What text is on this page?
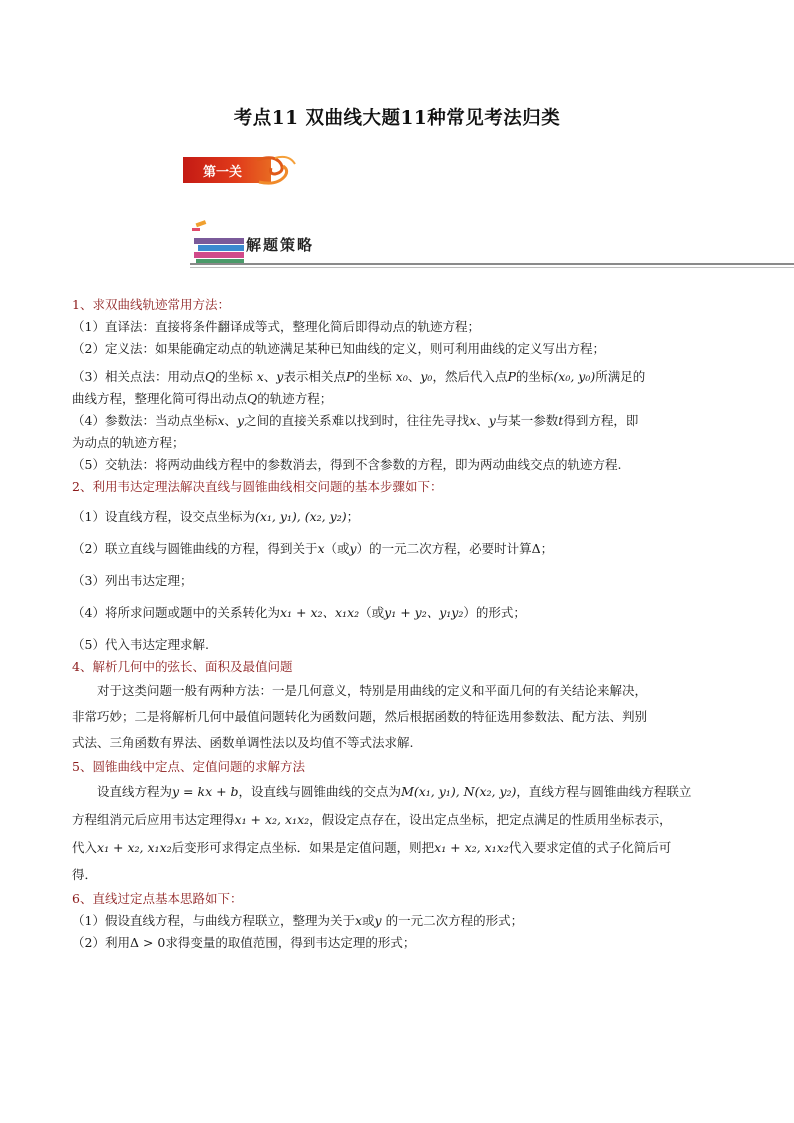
考点11 双曲线大题11种常见考法归类
第一关
解题策略

1、求双曲线轨迹常用方法：

（1）直译法：直接将条件翻译成等式，整理化简后即得动点的轨迹方程；

（2）定义法：如果能确定动点的轨迹满足某种已知曲线的定义，则可利用曲线的定义写出方程；

（3）相关点法：用动点Q的坐标 x、y表示相关点P的坐标 x₀、y₀，然后代入点P的坐标(x₀, y₀)所满足的

曲线方程，整理化简可得出动点Q的轨迹方程；

（4）参数法：当动点坐标x、y之间的直接关系难以找到时，往往先寻找x、y与某一参数t得到方程，即

为动点的轨迹方程；

（5）交轨法：将两动曲线方程中的参数消去，得到不含参数的方程，即为两动曲线交点的轨迹方程.

2、利用韦达定理法解决直线与圆锥曲线相交问题的基本步骤如下：

（1）设直线方程，设交点坐标为(x₁, y₁), (x₂, y₂)；

（2）联立直线与圆锥曲线的方程，得到关于x（或y）的一元二次方程，必要时计算Δ；

（3）列出韦达定理；

（4）将所求问题或题中的关系转化为x₁ + x₂、x₁x₂（或y₁ + y₂、y₁y₂）的形式；

（5）代入韦达定理求解.

4、解析几何中的弦长、面积及最值问题

对于这类问题一般有两种方法：一是几何意义，特别是用曲线的定义和平面几何的有关结论来解决，

非常巧妙；二是将解析几何中最值问题转化为函数问题，然后根据函数的特征选用参数法、配方法、判别

式法、三角函数有界法、函数单调性法以及均值不等式法求解.

5、圆锥曲线中定点、定值问题的求解方法

设直线方程为y = kx + b，设直线与圆锥曲线的交点为M(x₁, y₁), N(x₂, y₂)，直线方程与圆锥曲线方程联立

方程组消元后应用韦达定理得x₁ + x₂, x₁x₂，假设定点存在，设出定点坐标，把定点满足的性质用坐标表示，

代入x₁ + x₂, x₁x₂后变形可求得定点坐标．如果是定值问题，则把x₁ + x₂, x₁x₂代入要求定值的式子化简后可

得．

6、直线过定点基本思路如下：

（1）假设直线方程，与曲线方程联立，整理为关于x或y 的一元二次方程的形式；

（2）利用Δ > 0求得变量的取值范围，得到韦达定理的形式；
